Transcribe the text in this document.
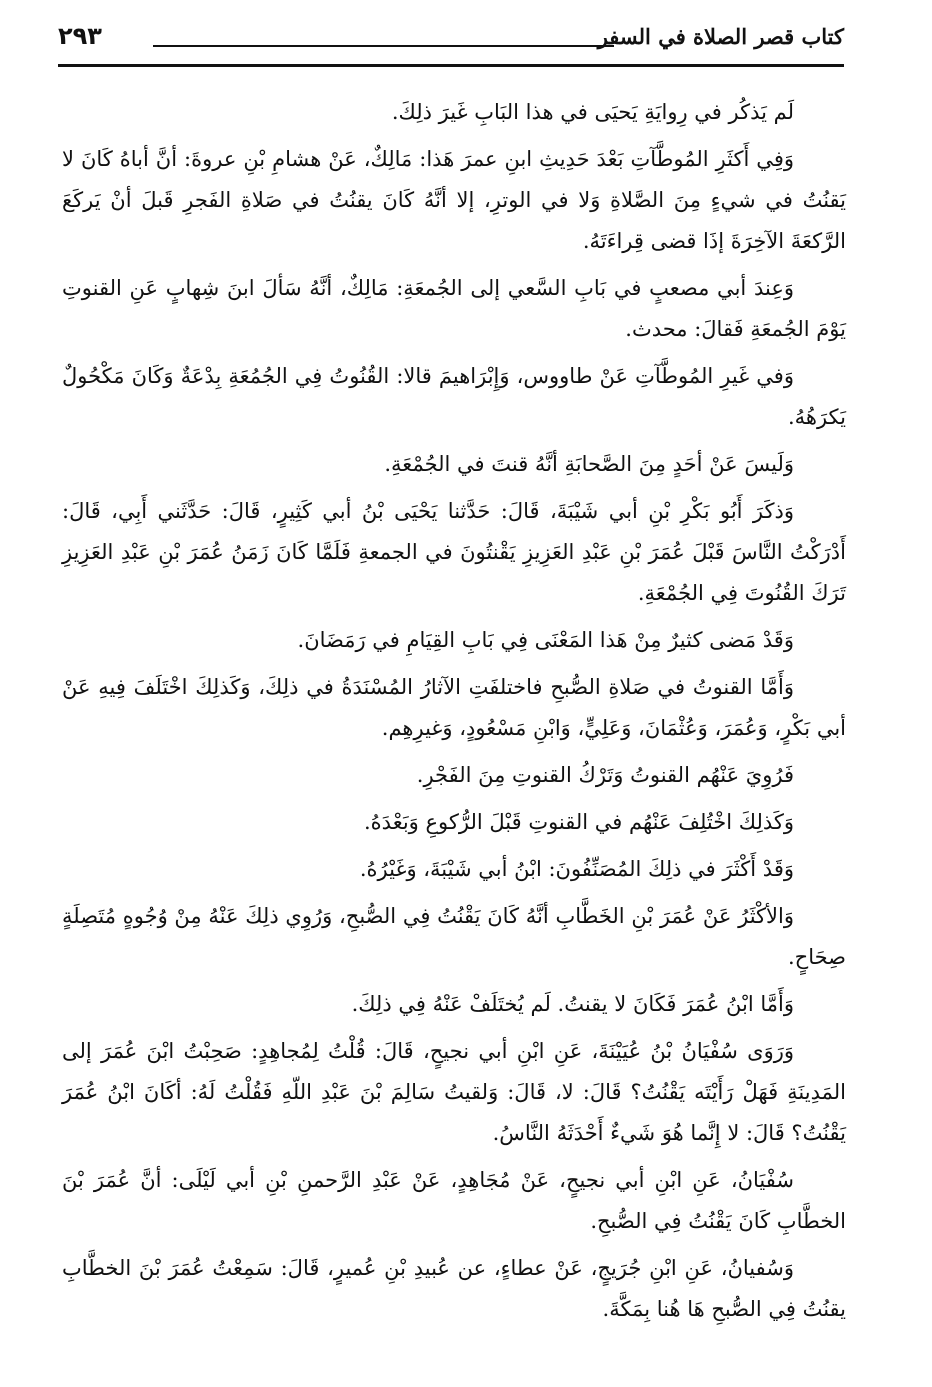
كتاب قصر الصلاة في السفر
٢٩٣

لَم يَذكُر في رِوايَةِ يَحيَى في هذا البَابِ غَيرَ ذلِكَ.

وَفِي أَكثَرِ المُوطَّآتِ بَعْدَ حَدِيثِ ابنِ عمرَ هَذا: مَالِكٌ، عَنْ هشامِ بْنِ عروةَ: أنَّ أباهُ كَانَ لا يَقنُتُ في شيءٍ مِنَ الصَّلاةِ وَلا في الوترِ، إلا أنَّهُ كَانَ يقنُتُ في صَلاةِ الفَجرِ قَبلَ أنْ يَركَعَ الرَّكعَةَ الآخِرَةَ إذَا قضى قِراءَتَهُ.

وَعِندَ أبي مصعبٍ في بَابِ السَّعي إلى الجُمعَةِ: مَالِكٌ، أنَّهُ سَألَ ابنَ شِهابٍ عَنِ القنوتِ يَوْمَ الجُمعَةِ فَقالَ: محدث.

وَفي غَيرِ المُوطَّآتِ عَنْ طاووس، وَإِبْرَاهيمَ قالا: القُنُوتُ فِي الجُمُعَةِ بِدْعَةٌ وَكَانَ مَكْحُولٌ يَكرَهُهُ.

وَلَيسَ عَنْ أحَدٍ مِنَ الصَّحابَةِ أنَّهُ قنتَ في الجُمْعَةِ.

وَذكَرَ أَبُو بَكْرِ بْنِ أبي شَيْبَةَ، قَالَ: حَدَّثنا يَحْيَى بْنُ أبي كَثِيرٍ، قَالَ: حَدَّثَني أَبِي، قَالَ: أَدْرَكْتُ النَّاسَ قَبْلَ عُمَرَ بْنِ عَبْدِ العَزِيزِ يَقْنتُونَ في الجمعةِ فَلَمَّا كَانَ زَمَنُ عُمَرَ بْنِ عَبْدِ العَزِيزِ تَرَكَ القُنُوتَ فِي الجُمْعَةِ.

وَقَدْ مَضى كثيرٌ مِنْ هَذا المَعْنَى فِي بَابِ القِيَامِ في رَمَضَانَ.

وَأَمَّا القنوتُ في صَلاةِ الصُّبحِ فاختلفَتِ الآثارُ المُسْنَدَةُ في ذلِكَ، وَكَذلِكَ اخْتَلَفَ فِيهِ عَنْ أبي بَكْرٍ، وَعُمَرَ، وَعُثْمَانَ، وَعَلِيٍّ، وَابْنِ مَسْعُودٍ، وَغيرِهِم.

فَرُوِيَ عَنْهُم القنوتُ وَتَرْكُ القنوتِ مِنَ الفَجْرِ.

وَكَذلِكَ اخْتُلِفَ عَنْهُم في القنوتِ قَبْلَ الرُّكوعِ وَبَعْدَهُ.

وَقَدْ أَكْثَرَ في ذلِكَ المُصَنِّفُونَ: ابْنُ أبي شَيْبَةَ، وَغَيْرُهُ.

وَالأكْثَرُ عَنْ عُمَرَ بْنِ الخَطَّابِ أنَّهُ كَانَ يَقْنُتُ فِي الصُّبحِ، وَرُوِي ذلِكَ عَنْهُ مِنْ وُجُوهٍ مُتَصِلَةٍ صِحَاحٍ.

وَأَمَّا ابْنُ عُمَرَ فَكَانَ لا يقنتُ. لَم يُختَلَفْ عَنْهُ فِي ذلِكَ.

وَرَوَى سُفْيَانُ بْنُ عُيَيْنَةَ، عَنِ ابْنِ أبي نجيحٍ، قَالَ: قُلْتُ لِمُجاهِدٍ: صَحِبْتُ ابْنَ عُمَرَ إلى المَدِينَةِ فَهَلْ رَأَيْتَه يَقْنُتُ؟ قَالَ: لا، قَالَ: وَلقيتُ سَالِمَ بْنَ عَبْدِ اللّهِ فَقُلْتُ لَهُ: أكَانَ ابْنُ عُمَرَ يَقْنُتُ؟ قَالَ: لا إِنَّما هُوَ شَيءٌ أَحْدَثَهُ النَّاسُ.

سُفْيَانُ، عَنِ ابْنِ أبي نجيحٍ، عَنْ مُجَاهِدٍ، عَنْ عَبْدِ الرَّحمنِ بْنِ أبي لَيْلَى: أنَّ عُمَرَ بْنَ الخطَّابِ كَانَ يَقْنُتُ فِي الصُّبحِ.

وَسُفيانُ، عَنِ ابْنِ جُرَيجٍ، عَنْ عطاءٍ، عن عُبيدِ بْنِ عُميرٍ، قَالَ: سَمِعْتُ عُمَرَ بْنَ الخطَّابِ يقنُتُ فِي الصُّبحِ هَا هُنا بِمَكَّةَ.
